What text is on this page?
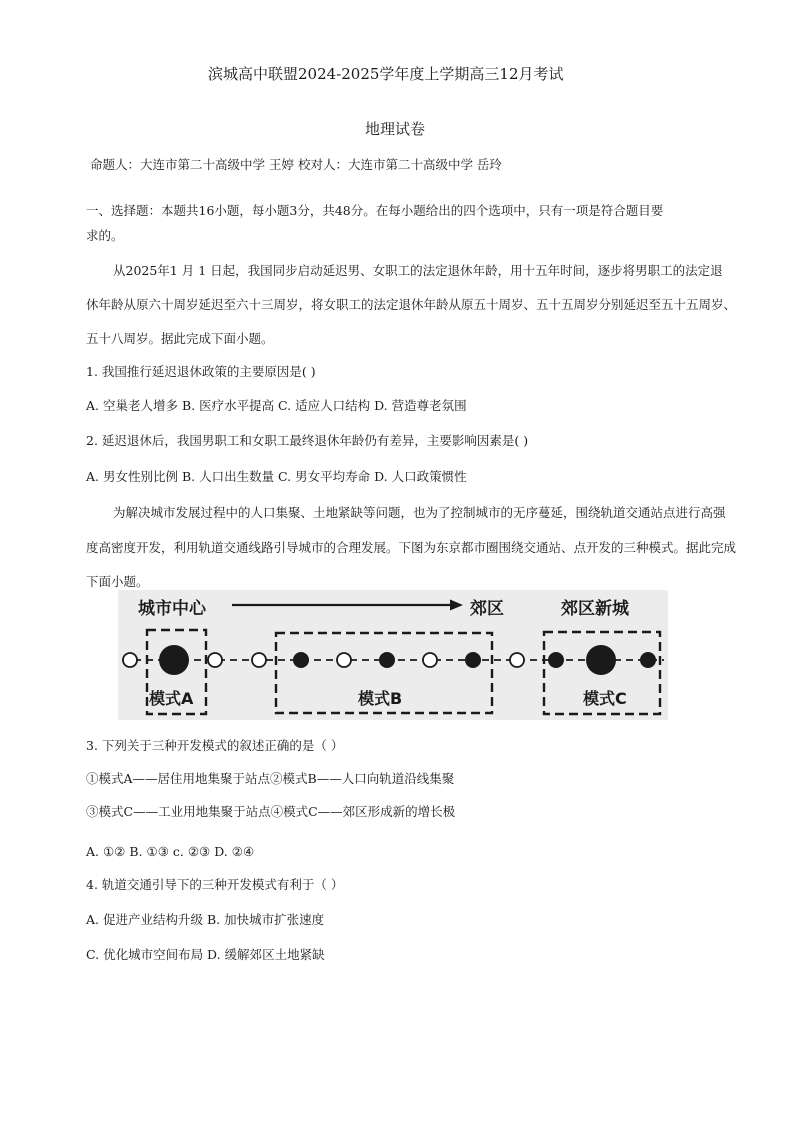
滨城高中联盟2024-2025学年度上学期高三12月考试
地理试卷
命题人：大连市第二十高级中学 王婷 校对人：大连市第二十高级中学 岳玲
一、选择题：本题共16小题，每小题3分，共48分。在每小题给出的四个选项中，只有一项是符合题目要
求的。
从2025年1 月 1 日起，我国同步启动延迟男、女职工的法定退休年龄，用十五年时间，逐步将男职工的法定退
休年龄从原六十周岁延迟至六十三周岁，将女职工的法定退休年龄从原五十周岁、五十五周岁分别延迟至五十五周岁、
五十八周岁。据此完成下面小题。
1. 我国推行延迟退休政策的主要原因是( )
A. 空巢老人增多 B. 医疗水平提高 C. 适应人口结构 D. 营造尊老氛围
2. 延迟退休后，我国男职工和女职工最终退休年龄仍有差异，主要影响因素是( )
A. 男女性别比例 B. 人口出生数量 C. 男女平均寿命 D. 人口政策惯性
为解决城市发展过程中的人口集聚、土地紧缺等问题，也为了控制城市的无序蔓延，围绕轨道交通站点进行高强
度高密度开发，利用轨道交通线路引导城市的合理发展。下图为东京都市圈围绕交通站、点开发的三种模式。据此完成
下面小题。
城市中心	郊区	郊区新城
模式A	模式B	模式C
3. 下列关于三种开发模式的叙述正确的是（ ）
①模式A——居住用地集聚于站点②模式B——人口向轨道沿线集聚
③模式C——工业用地集聚于站点④模式C——郊区形成新的增长极
A. ①② B. ①③ c. ②③ D. ②④
4. 轨道交通引导下的三种开发模式有利于（ ）
A. 促进产业结构升级 B. 加快城市扩张速度
C. 优化城市空间布局 D. 缓解郊区土地紧缺
